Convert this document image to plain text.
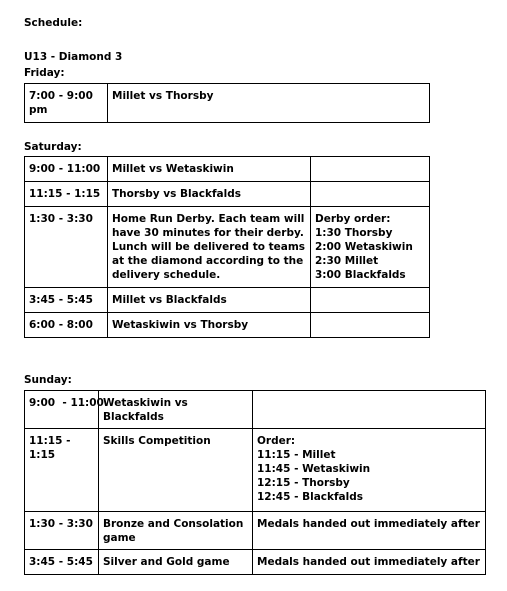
Schedule:
U13 - Diamond 3
Friday:
7:00 - 9:00 pm	Millet vs Thorsby
Saturday:
9:00 - 11:00	Millet vs Wetaskiwin	
11:15 - 1:15	Thorsby vs Blackfalds	
1:30 - 3:30	Home Run Derby. Each team will have 30 minutes for their derby. Lunch will be delivered to teams at the diamond according to the delivery schedule.	Derby order:
1:30 Thorsby
2:00 Wetaskiwin
2:30 Millet
3:00 Blackfalds

3:45 - 5:45	Millet vs Blackfalds	
6:00 - 8:00	Wetaskiwin vs Thorsby	
Sunday:
9:00  - 11:00	Wetaskiwin vs Blackfalds	
11:15 - 1:15	Skills Competition	Order:
11:15 - Millet
11:45 - Wetaskiwin
12:15 - Thorsby
12:45 - Blackfalds

1:30 - 3:30	Bronze and Consolation game	Medals handed out immediately after
3:45 - 5:45	Silver and Gold game	Medals handed out immediately after
